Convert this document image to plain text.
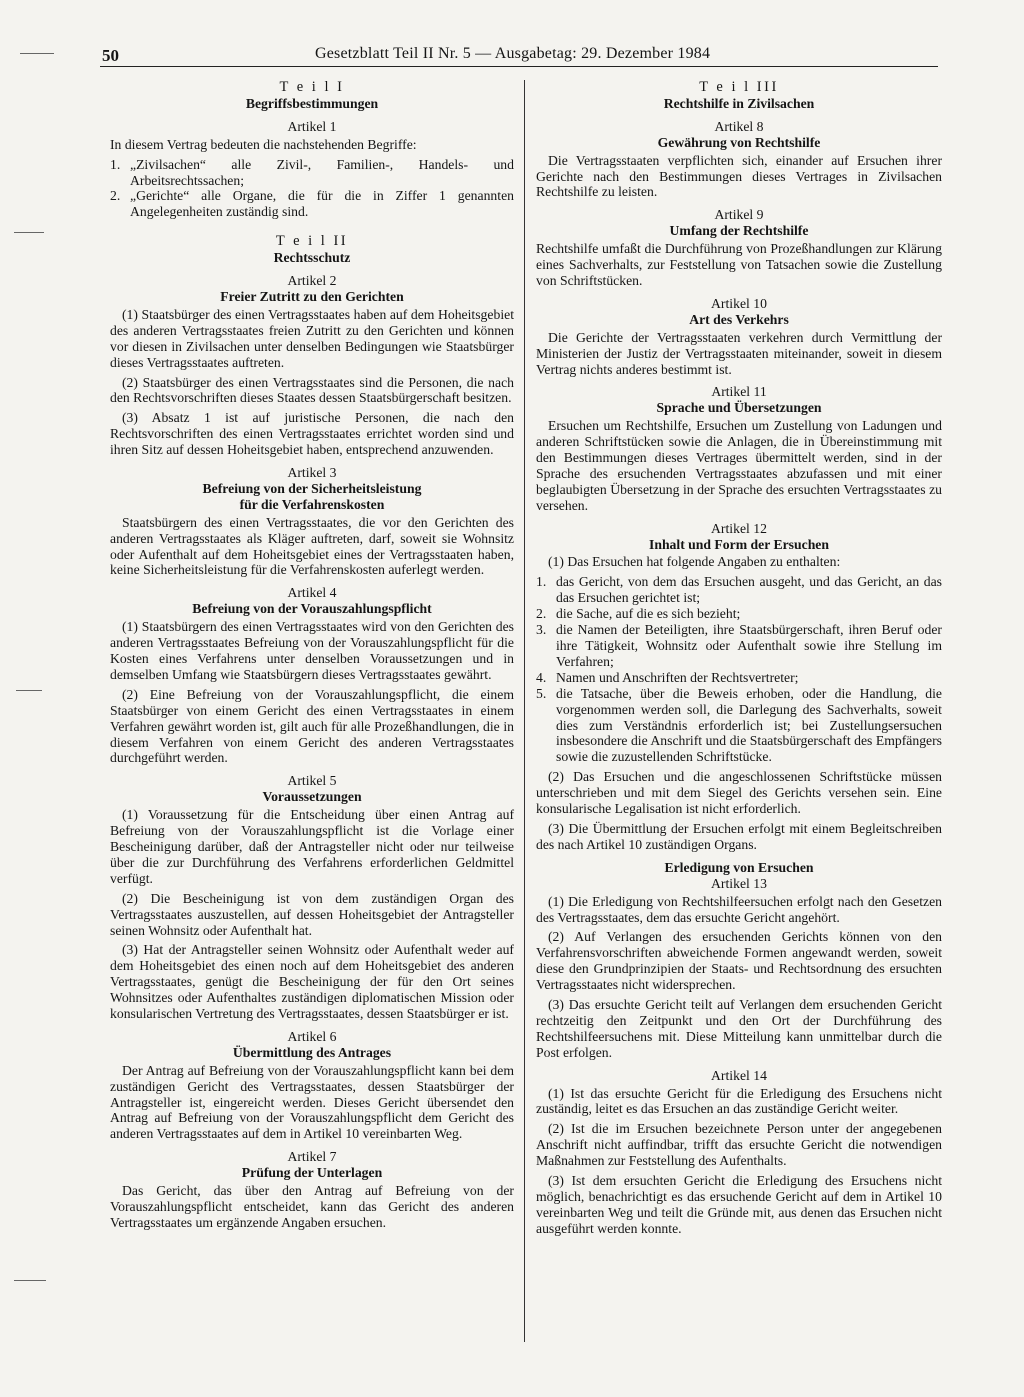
50	Gesetzblatt Teil II Nr. 5 — Ausgabetag: 29. Dezember 1984
T e i l I
Begriffsbestimmungen
Artikel 1

In diesem Vertrag bedeuten die nachstehenden Begriffe:

1. „Zivilsachen“ alle Zivil-, Familien-, Handels- und Arbeitsrechtssachen;
2. „Gerichte“ alle Organe, die für die in Ziffer 1 genannten Angelegenheiten zuständig sind.
T e i l II
Rechtsschutz
Artikel 2
Freier Zutritt zu den Gerichten

(1) Staatsbürger des einen Vertragsstaates haben auf dem Hoheitsgebiet des anderen Vertragsstaates freien Zutritt zu den Gerichten und können vor diesen in Zivilsachen unter denselben Bedingungen wie Staatsbürger dieses Vertragsstaates auftreten.

(2) Staatsbürger des einen Vertragsstaates sind die Personen, die nach den Rechtsvorschriften dieses Staates dessen Staatsbürgerschaft besitzen.

(3) Absatz 1 ist auf juristische Personen, die nach den Rechtsvorschriften des einen Vertragsstaates errichtet worden sind und ihren Sitz auf dessen Hoheitsgebiet haben, entsprechend anzuwenden.

Artikel 3
Befreiung von der Sicherheitsleistung
für die Verfahrenskosten

Staatsbürgern des einen Vertragsstaates, die vor den Gerichten des anderen Vertragsstaates als Kläger auftreten, darf, soweit sie Wohnsitz oder Aufenthalt auf dem Hoheitsgebiet eines der Vertragsstaaten haben, keine Sicherheitsleistung für die Verfahrenskosten auferlegt werden.

Artikel 4
Befreiung von der Vorauszahlungspflicht

(1) Staatsbürgern des einen Vertragsstaates wird von den Gerichten des anderen Vertragsstaates Befreiung von der Vorauszahlungspflicht für die Kosten eines Verfahrens unter denselben Voraussetzungen und in demselben Umfang wie Staatsbürgern dieses Vertragsstaates gewährt.

(2) Eine Befreiung von der Vorauszahlungspflicht, die einem Staatsbürger von einem Gericht des einen Vertragsstaates in einem Verfahren gewährt worden ist, gilt auch für alle Prozeßhandlungen, die in diesem Verfahren von einem Gericht des anderen Vertragsstaates durchgeführt werden.

Artikel 5
Voraussetzungen

(1) Voraussetzung für die Entscheidung über einen Antrag auf Befreiung von der Vorauszahlungspflicht ist die Vorlage einer Bescheinigung darüber, daß der Antragsteller nicht oder nur teilweise über die zur Durchführung des Verfahrens erforderlichen Geldmittel verfügt.

(2) Die Bescheinigung ist von dem zuständigen Organ des Vertragsstaates auszustellen, auf dessen Hoheitsgebiet der Antragsteller seinen Wohnsitz oder Aufenthalt hat.

(3) Hat der Antragsteller seinen Wohnsitz oder Aufenthalt weder auf dem Hoheitsgebiet des einen noch auf dem Hoheitsgebiet des anderen Vertragsstaates, genügt die Bescheinigung der für den Ort seines Wohnsitzes oder Aufenthaltes zuständigen diplomatischen Mission oder konsularischen Vertretung des Vertragsstaates, dessen Staatsbürger er ist.

Artikel 6
Übermittlung des Antrages

Der Antrag auf Befreiung von der Vorauszahlungspflicht kann bei dem zuständigen Gericht des Vertragsstaates, dessen Staatsbürger der Antragsteller ist, eingereicht werden. Dieses Gericht übersendet den Antrag auf Befreiung von der Vorauszahlungspflicht dem Gericht des anderen Vertragsstaates auf dem in Artikel 10 vereinbarten Weg.

Artikel 7
Prüfung der Unterlagen

Das Gericht, das über den Antrag auf Befreiung von der Vorauszahlungspflicht entscheidet, kann das Gericht des anderen Vertragsstaates um ergänzende Angaben ersuchen.

T e i l III
Rechtshilfe in Zivilsachen
Artikel 8
Gewährung von Rechtshilfe

Die Vertragsstaaten verpflichten sich, einander auf Ersuchen ihrer Gerichte nach den Bestimmungen dieses Vertrages in Zivilsachen Rechtshilfe zu leisten.

Artikel 9
Umfang der Rechtshilfe

Rechtshilfe umfaßt die Durchführung von Prozeßhandlungen zur Klärung eines Sachverhalts, zur Feststellung von Tatsachen sowie die Zustellung von Schriftstücken.

Artikel 10
Art des Verkehrs

Die Gerichte der Vertragsstaaten verkehren durch Vermittlung der Ministerien der Justiz der Vertragsstaaten miteinander, soweit in diesem Vertrag nichts anderes bestimmt ist.

Artikel 11
Sprache und Übersetzungen

Ersuchen um Rechtshilfe, Ersuchen um Zustellung von Ladungen und anderen Schriftstücken sowie die Anlagen, die in Übereinstimmung mit den Bestimmungen dieses Vertrages übermittelt werden, sind in der Sprache des ersuchenden Vertragsstaates abzufassen und mit einer beglaubigten Übersetzung in der Sprache des ersuchten Vertragsstaates zu versehen.

Artikel 12
Inhalt und Form der Ersuchen

(1) Das Ersuchen hat folgende Angaben zu enthalten:

1. das Gericht, von dem das Ersuchen ausgeht, und das Gericht, an das das Ersuchen gerichtet ist;
2. die Sache, auf die es sich bezieht;
3. die Namen der Beteiligten, ihre Staatsbürgerschaft, ihren Beruf oder ihre Tätigkeit, Wohnsitz oder Aufenthalt sowie ihre Stellung im Verfahren;
4. Namen und Anschriften der Rechtsvertreter;
5. die Tatsache, über die Beweis erhoben, oder die Handlung, die vorgenommen werden soll, die Darlegung des Sachverhalts, soweit dies zum Verständnis erforderlich ist; bei Zustellungsersuchen insbesondere die Anschrift und die Staatsbürgerschaft des Empfängers sowie die zuzustellenden Schriftstücke.

(2) Das Ersuchen und die angeschlossenen Schriftstücke müssen unterschrieben und mit dem Siegel des Gerichts versehen sein. Eine konsularische Legalisation ist nicht erforderlich.

(3) Die Übermittlung der Ersuchen erfolgt mit einem Begleitschreiben des nach Artikel 10 zuständigen Organs.

Erledigung von Ersuchen
Artikel 13

(1) Die Erledigung von Rechtshilfeersuchen erfolgt nach den Gesetzen des Vertragsstaates, dem das ersuchte Gericht angehört.

(2) Auf Verlangen des ersuchenden Gerichts können von den Verfahrensvorschriften abweichende Formen angewandt werden, soweit diese den Grundprinzipien der Staats- und Rechtsordnung des ersuchten Vertragsstaates nicht widersprechen.

(3) Das ersuchte Gericht teilt auf Verlangen dem ersuchenden Gericht rechtzeitig den Zeitpunkt und den Ort der Durchführung des Rechtshilfeersuchens mit. Diese Mitteilung kann unmittelbar durch die Post erfolgen.

Artikel 14

(1) Ist das ersuchte Gericht für die Erledigung des Ersuchens nicht zuständig, leitet es das Ersuchen an das zuständige Gericht weiter.

(2) Ist die im Ersuchen bezeichnete Person unter der angegebenen Anschrift nicht auffindbar, trifft das ersuchte Gericht die notwendigen Maßnahmen zur Feststellung des Aufenthalts.

(3) Ist dem ersuchten Gericht die Erledigung des Ersuchens nicht möglich, benachrichtigt es das ersuchende Gericht auf dem in Artikel 10 vereinbarten Weg und teilt die Gründe mit, aus denen das Ersuchen nicht ausgeführt werden konnte.
